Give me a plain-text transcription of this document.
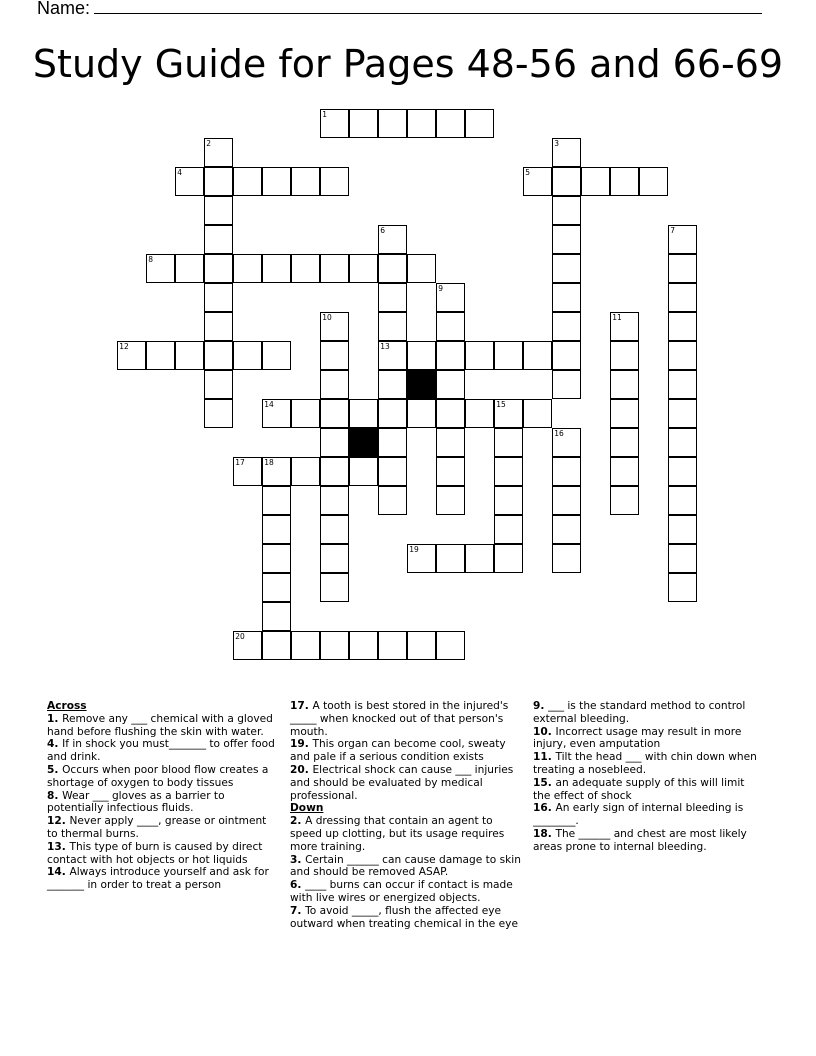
Name:
Study Guide for Pages 48-56 and 66-69
1
2	3
4	5
6
13
7
8
9
10	11
12
14	15
16
17	18
19
20
Across
1. Remove any ___ chemical with a gloved hand before flushing the skin with water.
4. If in shock you must_______ to offer food and drink.
5. Occurs when poor blood flow creates a shortage of oxygen to body tissues
8. Wear ___ gloves as a barrier to potentially infectious fluids.
12. Never apply ____, grease or ointment to thermal burns.
13. This type of burn is caused by direct contact with hot objects or hot liquids
14. Always introduce yourself and ask for _______ in order to treat a person
17. A tooth is best stored in the injured's _____ when knocked out of that person's mouth.
19. This organ can become cool, sweaty and pale if a serious condition exists
20. Electrical shock can cause ___ injuries and should be evaluated by medical professional.
Down
2. A dressing that contain an agent to speed up clotting, but its usage requires more training.
3. Certain ______ can cause damage to skin and should be removed ASAP.
6. ____ burns can occur if contact is made with live wires or energized objects.
7. To avoid _____, flush the affected eye outward when treating chemical in the eye
9. ___ is the standard method to control external bleeding.
10. Incorrect usage may result in more injury, even amputation
11. Tilt the head ___ with chin down when treating a nosebleed.
15. an adequate supply of this will limit the effect of shock
16. An early sign of internal bleeding is ________.
18. The ______ and chest are most likely areas prone to internal bleeding.
